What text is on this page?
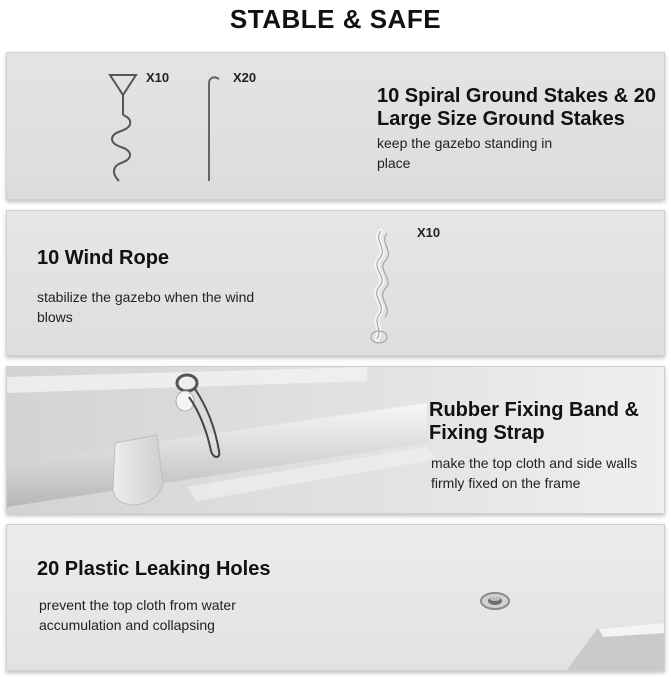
STABLE & SAFE
X10	X20
10 Spiral Ground Stakes & 20 Large Size Ground Stakes
keep the gazebo standing in place
X10
10 Wind Rope
stabilize the gazebo when the wind blows
Rubber Fixing Band & Fixing Strap
make the top cloth and side walls firmly fixed on the frame
20 Plastic Leaking Holes
prevent the top cloth from water accumulation and collapsing
